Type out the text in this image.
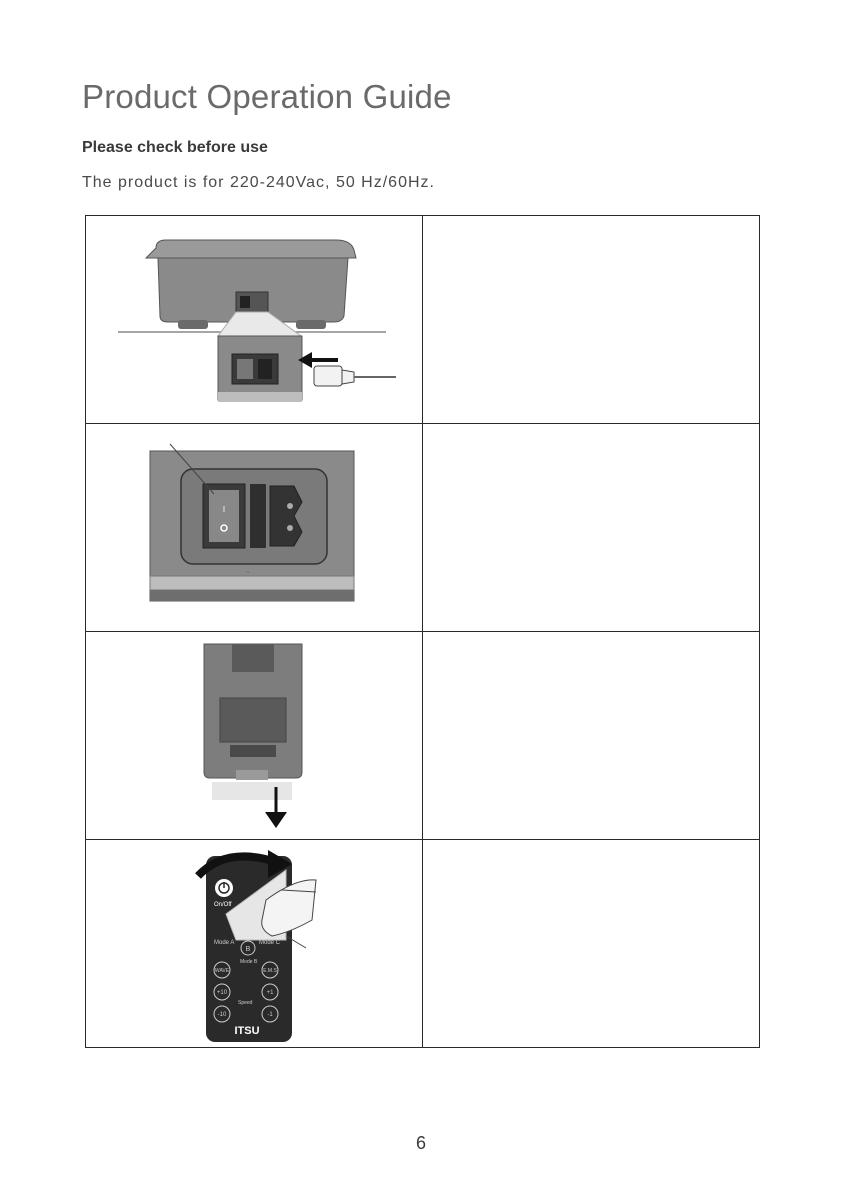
Product Operation Guide

Please check before use

The product is for 220-240Vac, 50 Hz/60Hz.

I
~
On/Off
Mode A
B
Mode C
Mode B
WAVE	E.M.S
+10	+1
Speed
-10	-1
ITSU
6
